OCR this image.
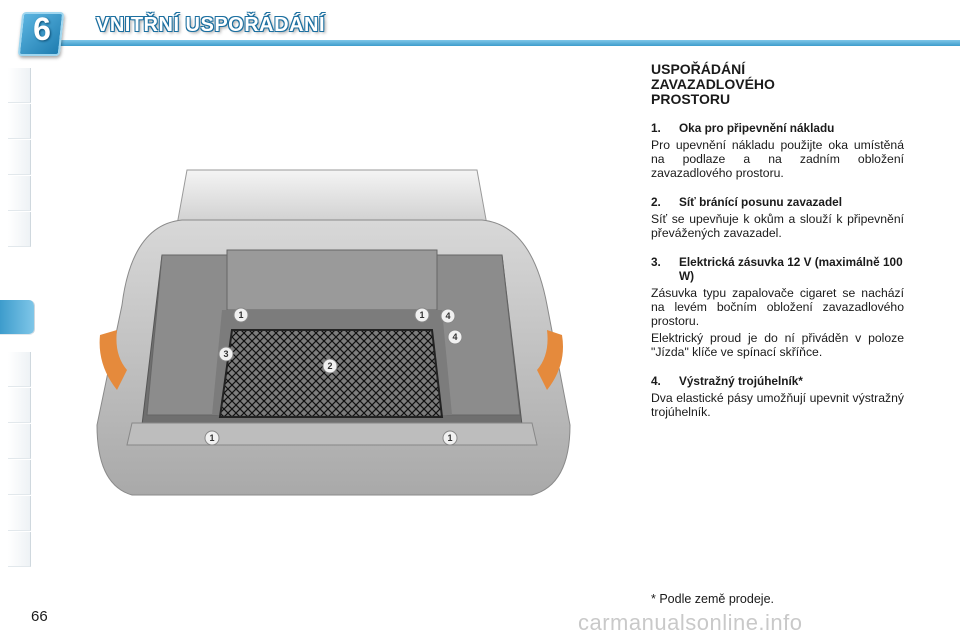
6	VNITŘNÍ USPOŘÁDÁNÍ
1	1
1	1
2
3
4
4
USPOŘÁDÁNÍ ZAVAZADLOVÉHO PROSTORU
1.	Oka pro připevnění nákladu
Pro upevnění nákladu použijte oka umístěná na podlaze a na zadním obložení zavazadlového prostoru.
2.	Síť bránící posunu zavazadel
Síť se upevňuje k okům a slouží k připevnění převážených zavazadel.
3.	Elektrická zásuvka 12 V (maximálně 100 W)
Zásuvka typu zapalovače cigaret se nachází na levém bočním obložení zavazadlového prostoru.
Elektrický proud je do ní přiváděn v poloze "Jízda" klíče ve spínací skříňce.
4.	Výstražný trojúhelník*
Dva elastické pásy umožňují upevnit výstražný trojúhelník.
* Podle země prodeje.
66	carmanualsonline.info
